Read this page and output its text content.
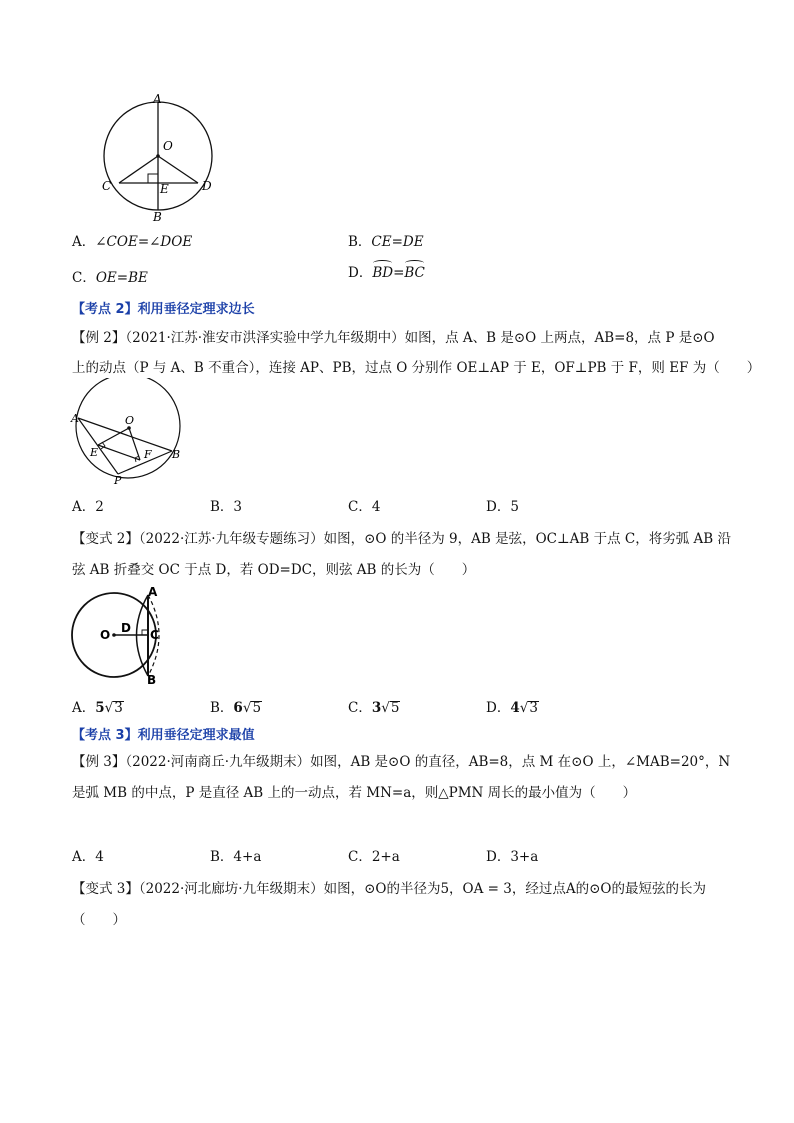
A
O
C	E	D
B
A．∠COE=∠DOE	B．CE=DE
C．OE=BE	D．BD=BC
【考点 2】利用垂径定理求边长
【例 2】（2021·江苏·淮安市洪泽实验中学九年级期中）如图，点 A、B 是⊙O 上两点，AB=8，点 P 是⊙O
上的动点（P 与 A、B 不重合），连接 AP、PB，过点 O 分别作 OE⊥AP 于 E，OF⊥PB 于 F，则 EF 为（　　）
A	O
E	F B
P
A．2	B．3	C．4	D．5
【变式 2】（2022·江苏·九年级专题练习）如图，⊙O 的半径为 9，AB 是弦，OC⊥AB 于点 C，将劣弧 AB 沿
弦 AB 折叠交 OC 于点 D，若 OD=DC，则弦 AB 的长为（　　）
A
O D C
B
A．5√3	B．6√5	C．3√5	D．4√3
【考点 3】利用垂径定理求最值
【例 3】（2022·河南商丘·九年级期末）如图，AB 是⊙O 的直径，AB=8，点 M 在⊙O 上，∠MAB=20°，N
是弧 MB 的中点，P 是直径 AB 上的一动点，若 MN=a，则△PMN 周长的最小值为（　　）
A．4	B．4+a	C．2+a	D．3+a
【变式 3】（2022·河北廊坊·九年级期末）如图，⊙O的半径为5，OA = 3，经过点A的⊙O的最短弦的长为
（　　）
